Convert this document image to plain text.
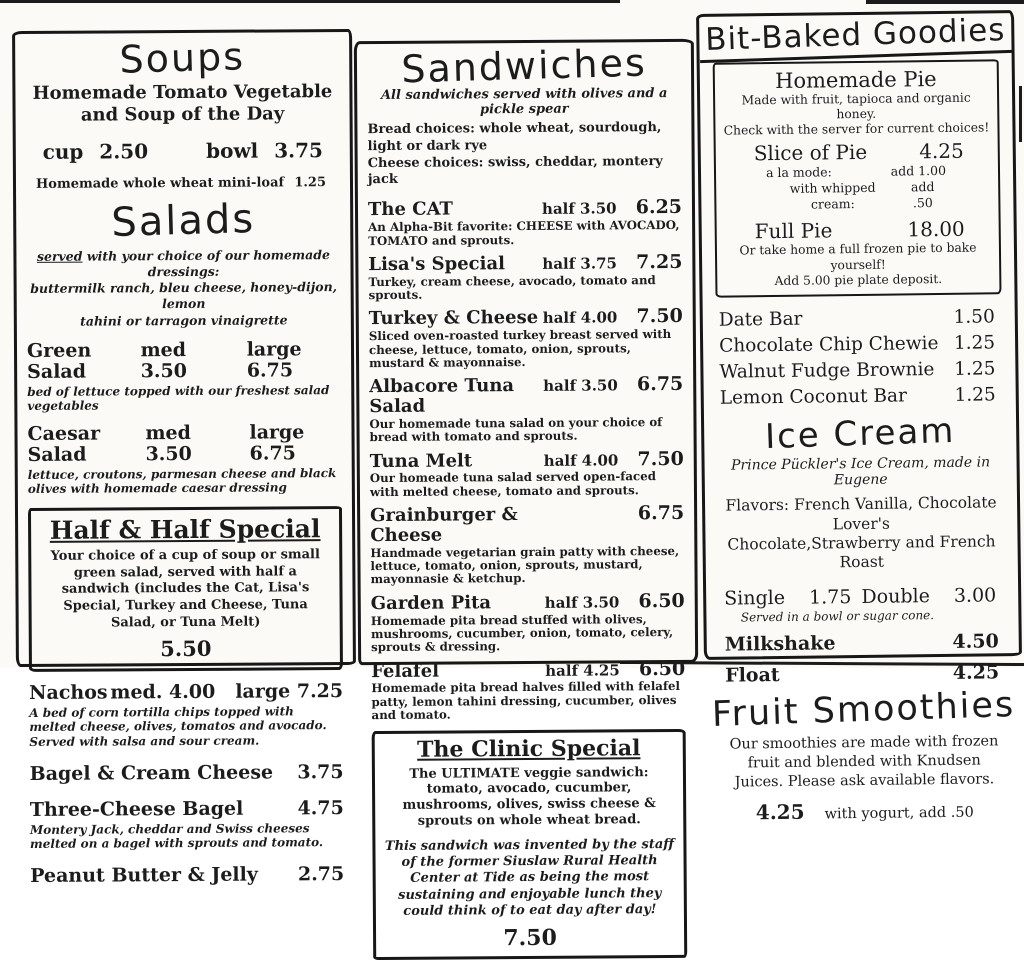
Soups
Homemade Tomato Vegetable
and Soup of the Day
cup 2.50	bowl 3.75
Homemade whole wheat mini-loaf 1.25
Salads
served with your choice of our homemade dressings:
buttermilk ranch, bleu cheese, honey-dijon, lemon
tahini or tarragon vinaigrette
Green Salad
med 3.50
large 6.75
bed of lettuce topped with our freshest salad vegetables
Caesar Salad
med 3.50
large 6.75
lettuce, croutons, parmesan cheese and black olives with homemade caesar dressing
Half & Half Special
Your choice of a cup of soup or small green salad, served with half a sandwich (includes the Cat, Lisa's Special, Turkey and Cheese, Tuna Salad, or Tuna Melt)
5.50
Nachos med. 4.00 large 7.25
A bed of corn tortilla chips topped with melted cheese, olives, tomatos and avocado. Served with salsa and sour cream.
Bagel & Cream Cheese 3.75
Three-Cheese Bagel	4.75
Montery Jack, cheddar and Swiss cheeses melted on a bagel with sprouts and tomato.
Peanut Butter & Jelly 2.75
Sandwiches
All sandwiches served with olives and a pickle spear
Bread choices: whole wheat, sourdough, light or dark rye
Cheese choices: swiss, cheddar, montery jack
The CAT	half 3.50	6.25
An Alpha-Bit favorite: CHEESE with AVOCADO, TOMATO and sprouts.
Lisa's Special	half 3.75	7.25
Turkey, cream cheese, avocado, tomato and sprouts.
Turkey & Cheese half 4.00	7.50
Sliced oven-roasted turkey breast served with cheese, lettuce, tomato, onion, sprouts, mustard & mayonnaise.
Albacore Tuna Salad
half 3.50	6.75
Our homemade tuna salad on your choice of bread with tomato and sprouts.
Tuna Melt	half 4.00	7.50
Our homeade tuna salad served open-faced with melted cheese, tomato and sprouts.
Grainburger & Cheese
6.75
Handmade vegetarian grain patty with cheese, lettuce, tomato, onion, sprouts, mustard, mayonnasie & ketchup.
Garden Pita	half 3.50	6.50
Homemade pita bread stuffed with olives, mushrooms, cucumber, onion, tomato, celery, sprouts & dressing.
Felafel	half 4.25	6.50
Homemade pita bread halves filled with felafel patty, lemon tahini dressing, cucumber, olives and tomato.
The Clinic Special
The ULTIMATE veggie sandwich: tomato, avocado, cucumber, mushrooms, olives, swiss cheese & sprouts on whole wheat bread.
This sandwich was invented by the staff of the former Siuslaw Rural Health Center at Tide as being the most sustaining and enjoyable lunch they could think of to eat day after day!
7.50
Bit-Baked Goodies
Homemade Pie
Made with fruit, tapioca and organic honey.
Check with the server for current choices!
Slice of Pie	4.25
a la mode:	add 1.00
with whipped cream:
add .50
Full Pie	18.00
Or take home a full frozen pie to bake yourself!
Add 5.00 pie plate deposit.
Date Bar	1.50
Chocolate Chip Chewie 1.25
Walnut Fudge Brownie 1.25
Lemon Coconut Bar	1.25
Ice Cream
Prince Pückler's Ice Cream, made in Eugene
Flavors: French Vanilla, Chocolate Lover's
Chocolate,Strawberry and French Roast
Single 1.75 Double 3.00
Served in a bowl or sugar cone.
Milkshake	4.50
Float	4.25
Fruit Smoothies
Our smoothies are made with frozen fruit and blended with Knudsen Juices. Please ask available flavors.
4.25 with yogurt, add .50
